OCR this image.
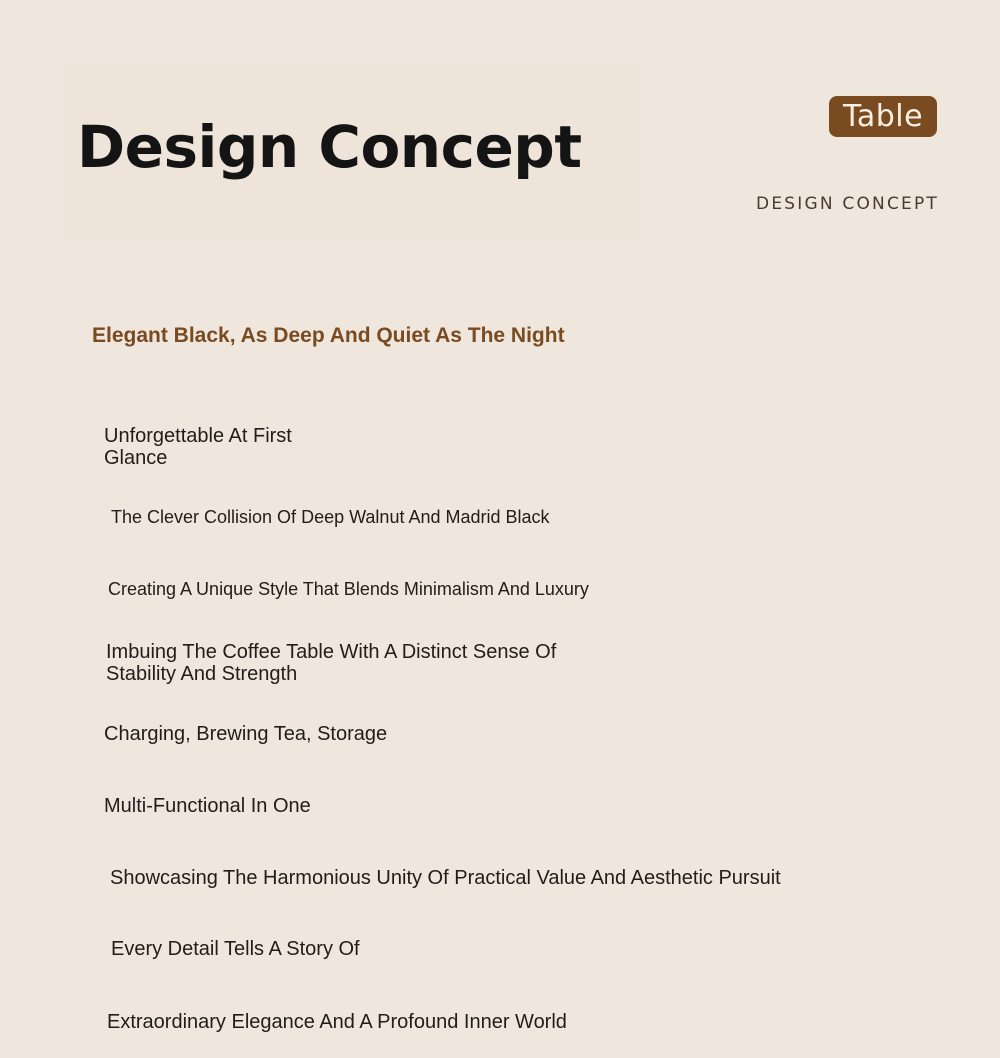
Design Concept	Table
DESIGN CONCEPT
Elegant Black, As Deep And Quiet As The Night
Unforgettable At First Glance
The Clever Collision Of Deep Walnut And Madrid Black
Creating A Unique Style That Blends Minimalism And Luxury
Imbuing The Coffee Table With A Distinct Sense Of Stability And Strength
Charging, Brewing Tea, Storage
Multi-Functional In One
Showcasing The Harmonious Unity Of Practical Value And Aesthetic Pursuit
Every Detail Tells A Story Of
Extraordinary Elegance And A Profound Inner World
